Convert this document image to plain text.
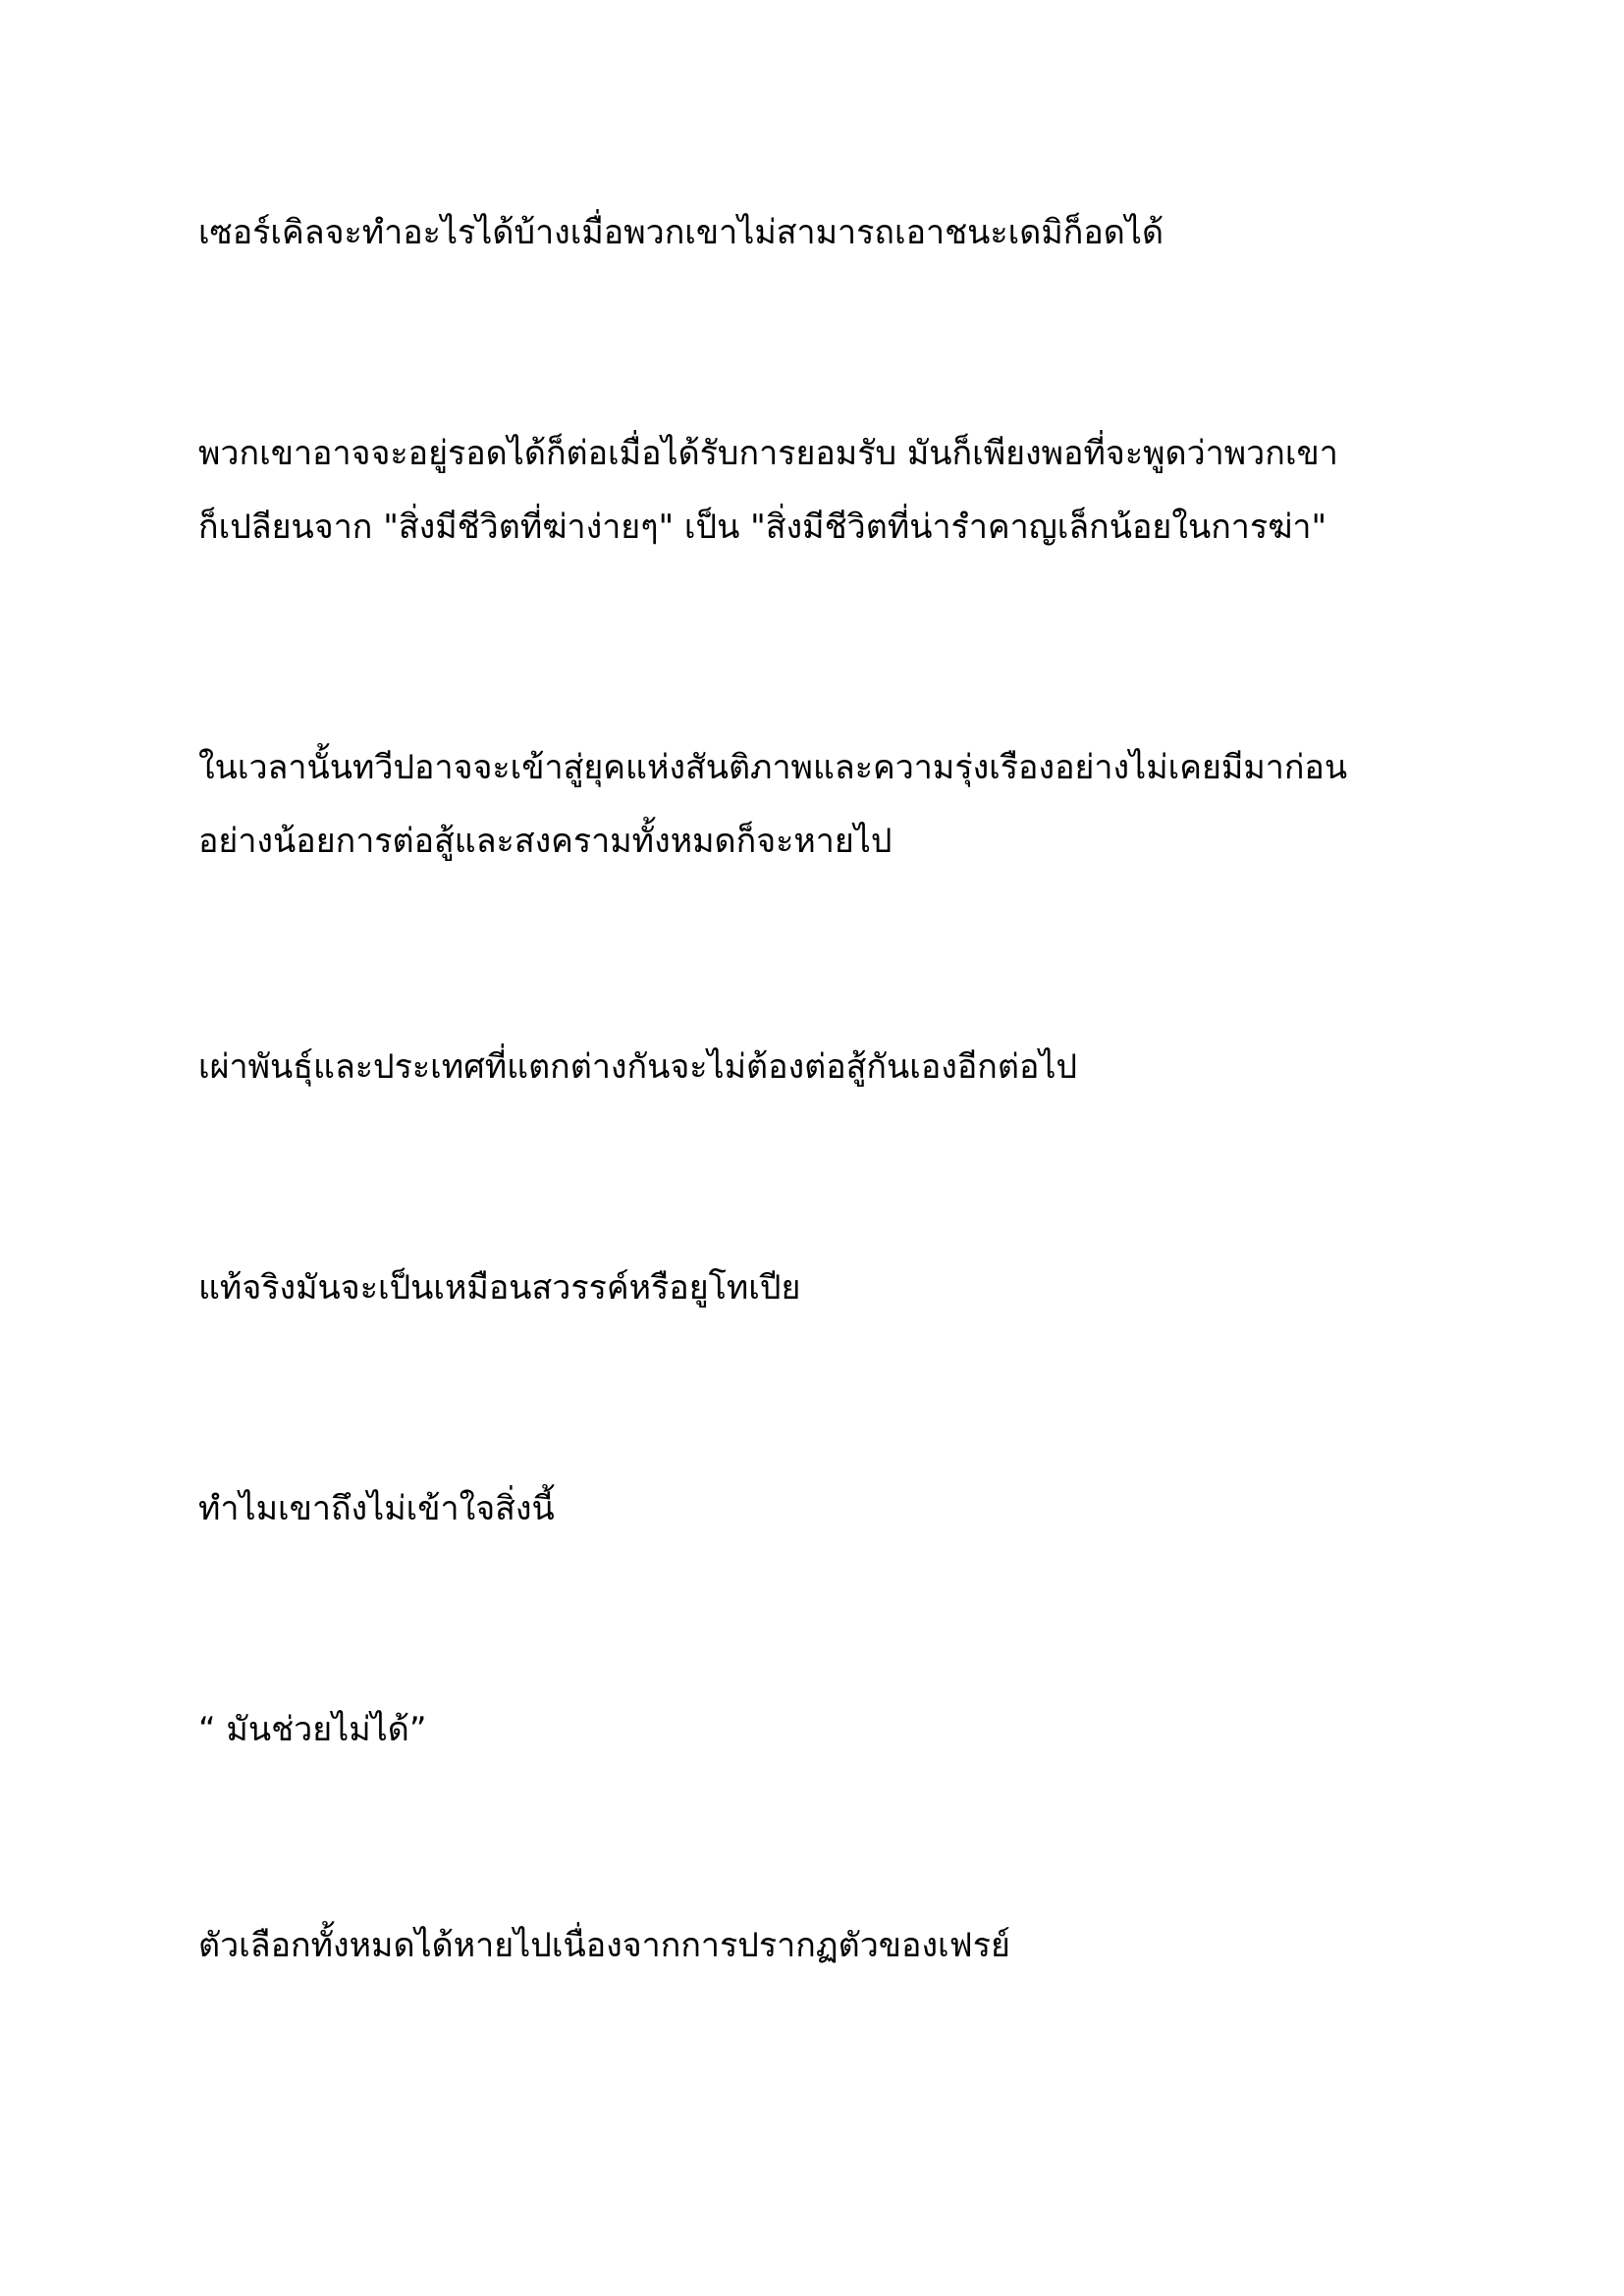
เซอร์เคิลจะทำอะไรได้บ้างเมื่อพวกเขาไม่สามารถเอาชนะเดมิก็อดได้

พวกเขาอาจจะอยู่รอดได้ก็ต่อเมื่อได้รับการยอมรับ มันก็เพียงพอที่จะพูดว่าพวกเขา
ก็เปลียนจาก "สิ่งมีชีวิตที่ฆ่าง่ายๆ" เป็น "สิ่งมีชีวิตที่น่ารำคาญเล็กน้อยในการฆ่า"

ในเวลานั้นทวีปอาจจะเข้าสู่ยุคแห่งสันติภาพและความรุ่งเรืองอย่างไม่เคยมีมาก่อน
อย่างน้อยการต่อสู้และสงครามทั้งหมดก็จะหายไป

เผ่าพันธุ์และประเทศที่แตกต่างกันจะไม่ต้องต่อสู้กันเองอีกต่อไป

แท้จริงมันจะเป็นเหมือนสวรรค์หรือยูโทเปีย

ทำไมเขาถึงไม่เข้าใจสิ่งนี้

“ มันช่วยไม่ได้”

ตัวเลือกทั้งหมดได้หายไปเนื่องจากการปรากฏตัวของเฟรย์
